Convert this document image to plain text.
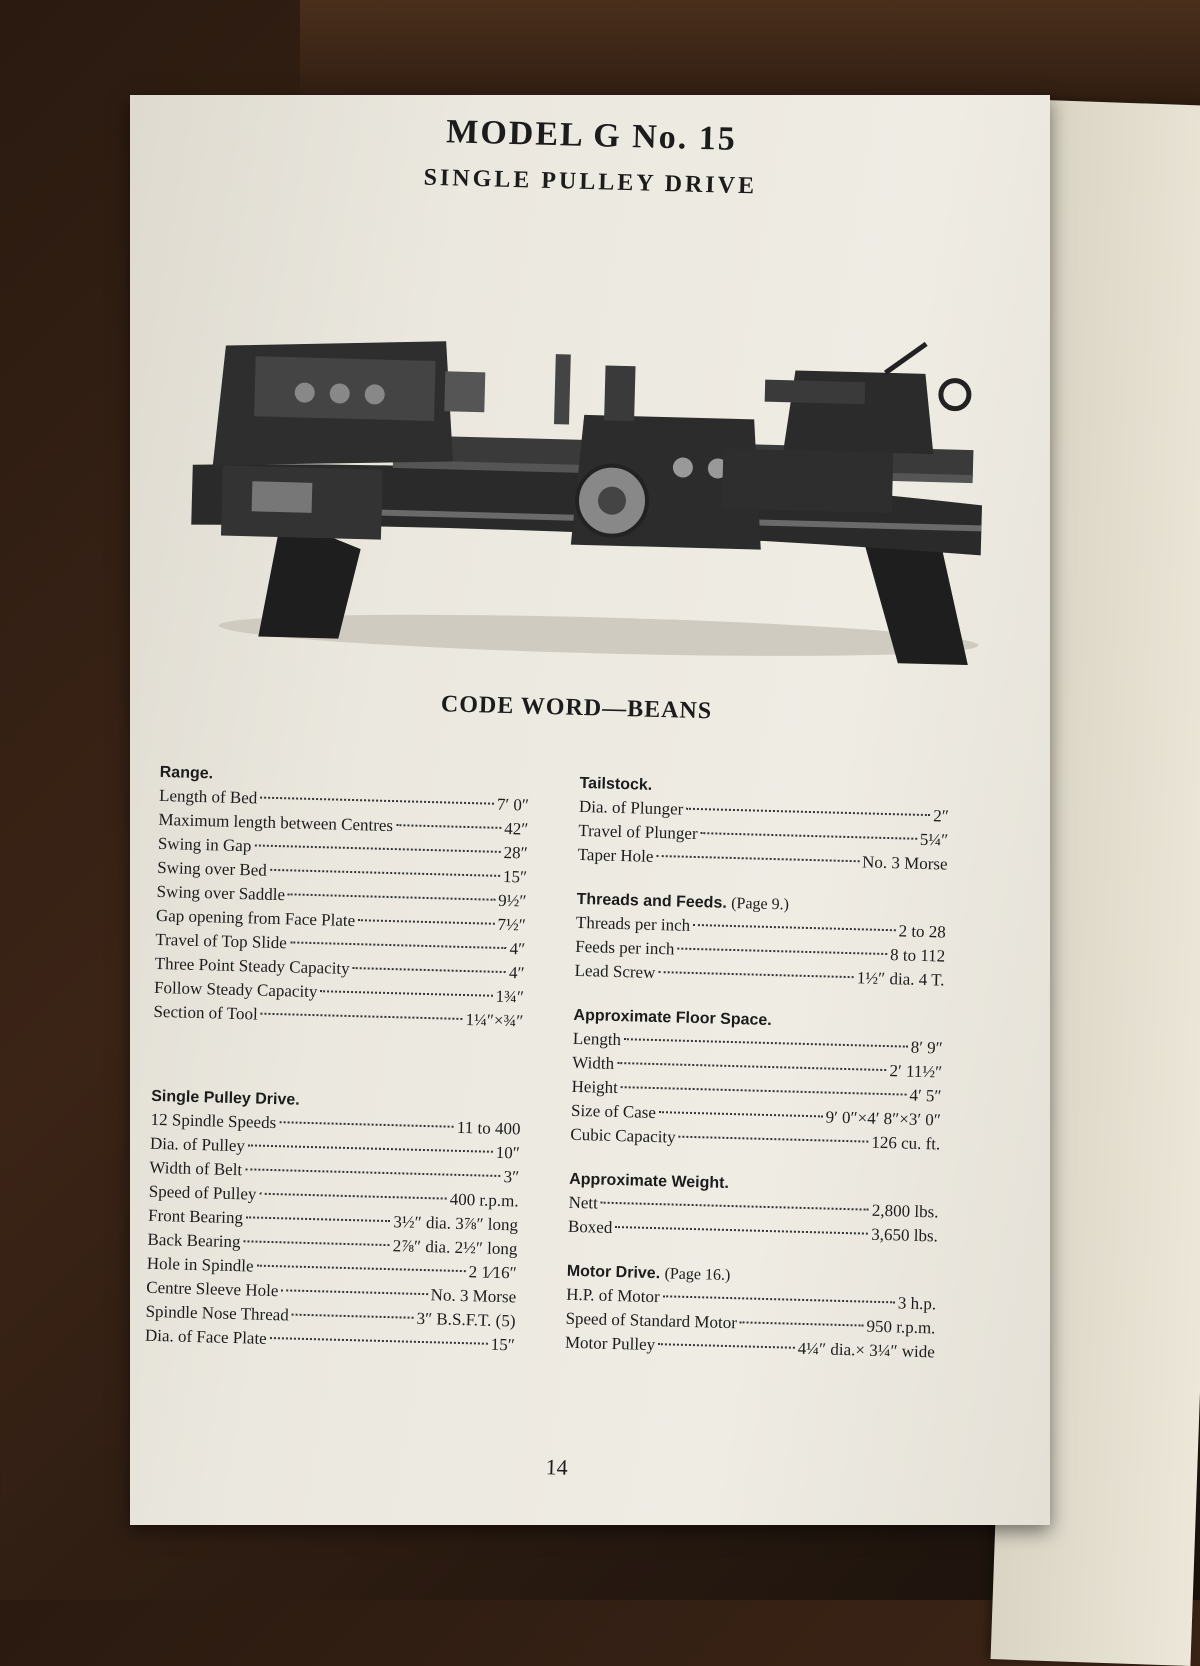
MODEL G No. 15
SINGLE PULLEY DRIVE
CODE WORD—BEANS
Range.
Length of Bed	7′ 0″
Maximum length between Centres	42″
Swing in Gap	28″
Swing over Bed	15″
Swing over Saddle	9½″
Gap opening from Face Plate	7½″
Travel of Top Slide	4″
Three Point Steady Capacity	4″
Follow Steady Capacity	1¾″
Section of Tool	1¼″×¾″
Single Pulley Drive.
12 Spindle Speeds	11 to 400
Dia. of Pulley	10″
Width of Belt	3″
Speed of Pulley	400 r.p.m.
Front Bearing	3½″ dia. 3⅞″ long
Back Bearing	2⅞″ dia. 2½″ long
Hole in Spindle	2 1⁄16″
Centre Sleeve Hole	No. 3 Morse
Spindle Nose Thread	3″ B.S.F.T. (5)
Dia. of Face Plate	15″
Tailstock.
Dia. of Plunger	2″
Travel of Plunger	5¼″
Taper Hole	No. 3 Morse
Threads and Feeds. (Page 9.)
Threads per inch	2 to 28
Feeds per inch	8 to 112
Lead Screw	1½″ dia. 4 T.
Approximate Floor Space.
Length	8′ 9″
Width	2′ 11½″
Height	4′ 5″
Size of Case	9′ 0″×4′ 8″×3′ 0″
Cubic Capacity	126 cu. ft.
Approximate Weight.
Nett	2,800 lbs.
Boxed	3,650 lbs.
Motor Drive. (Page 16.)
H.P. of Motor	3 h.p.
Speed of Standard Motor	950 r.p.m.
Motor Pulley	4¼″ dia.× 3¼″ wide
14
